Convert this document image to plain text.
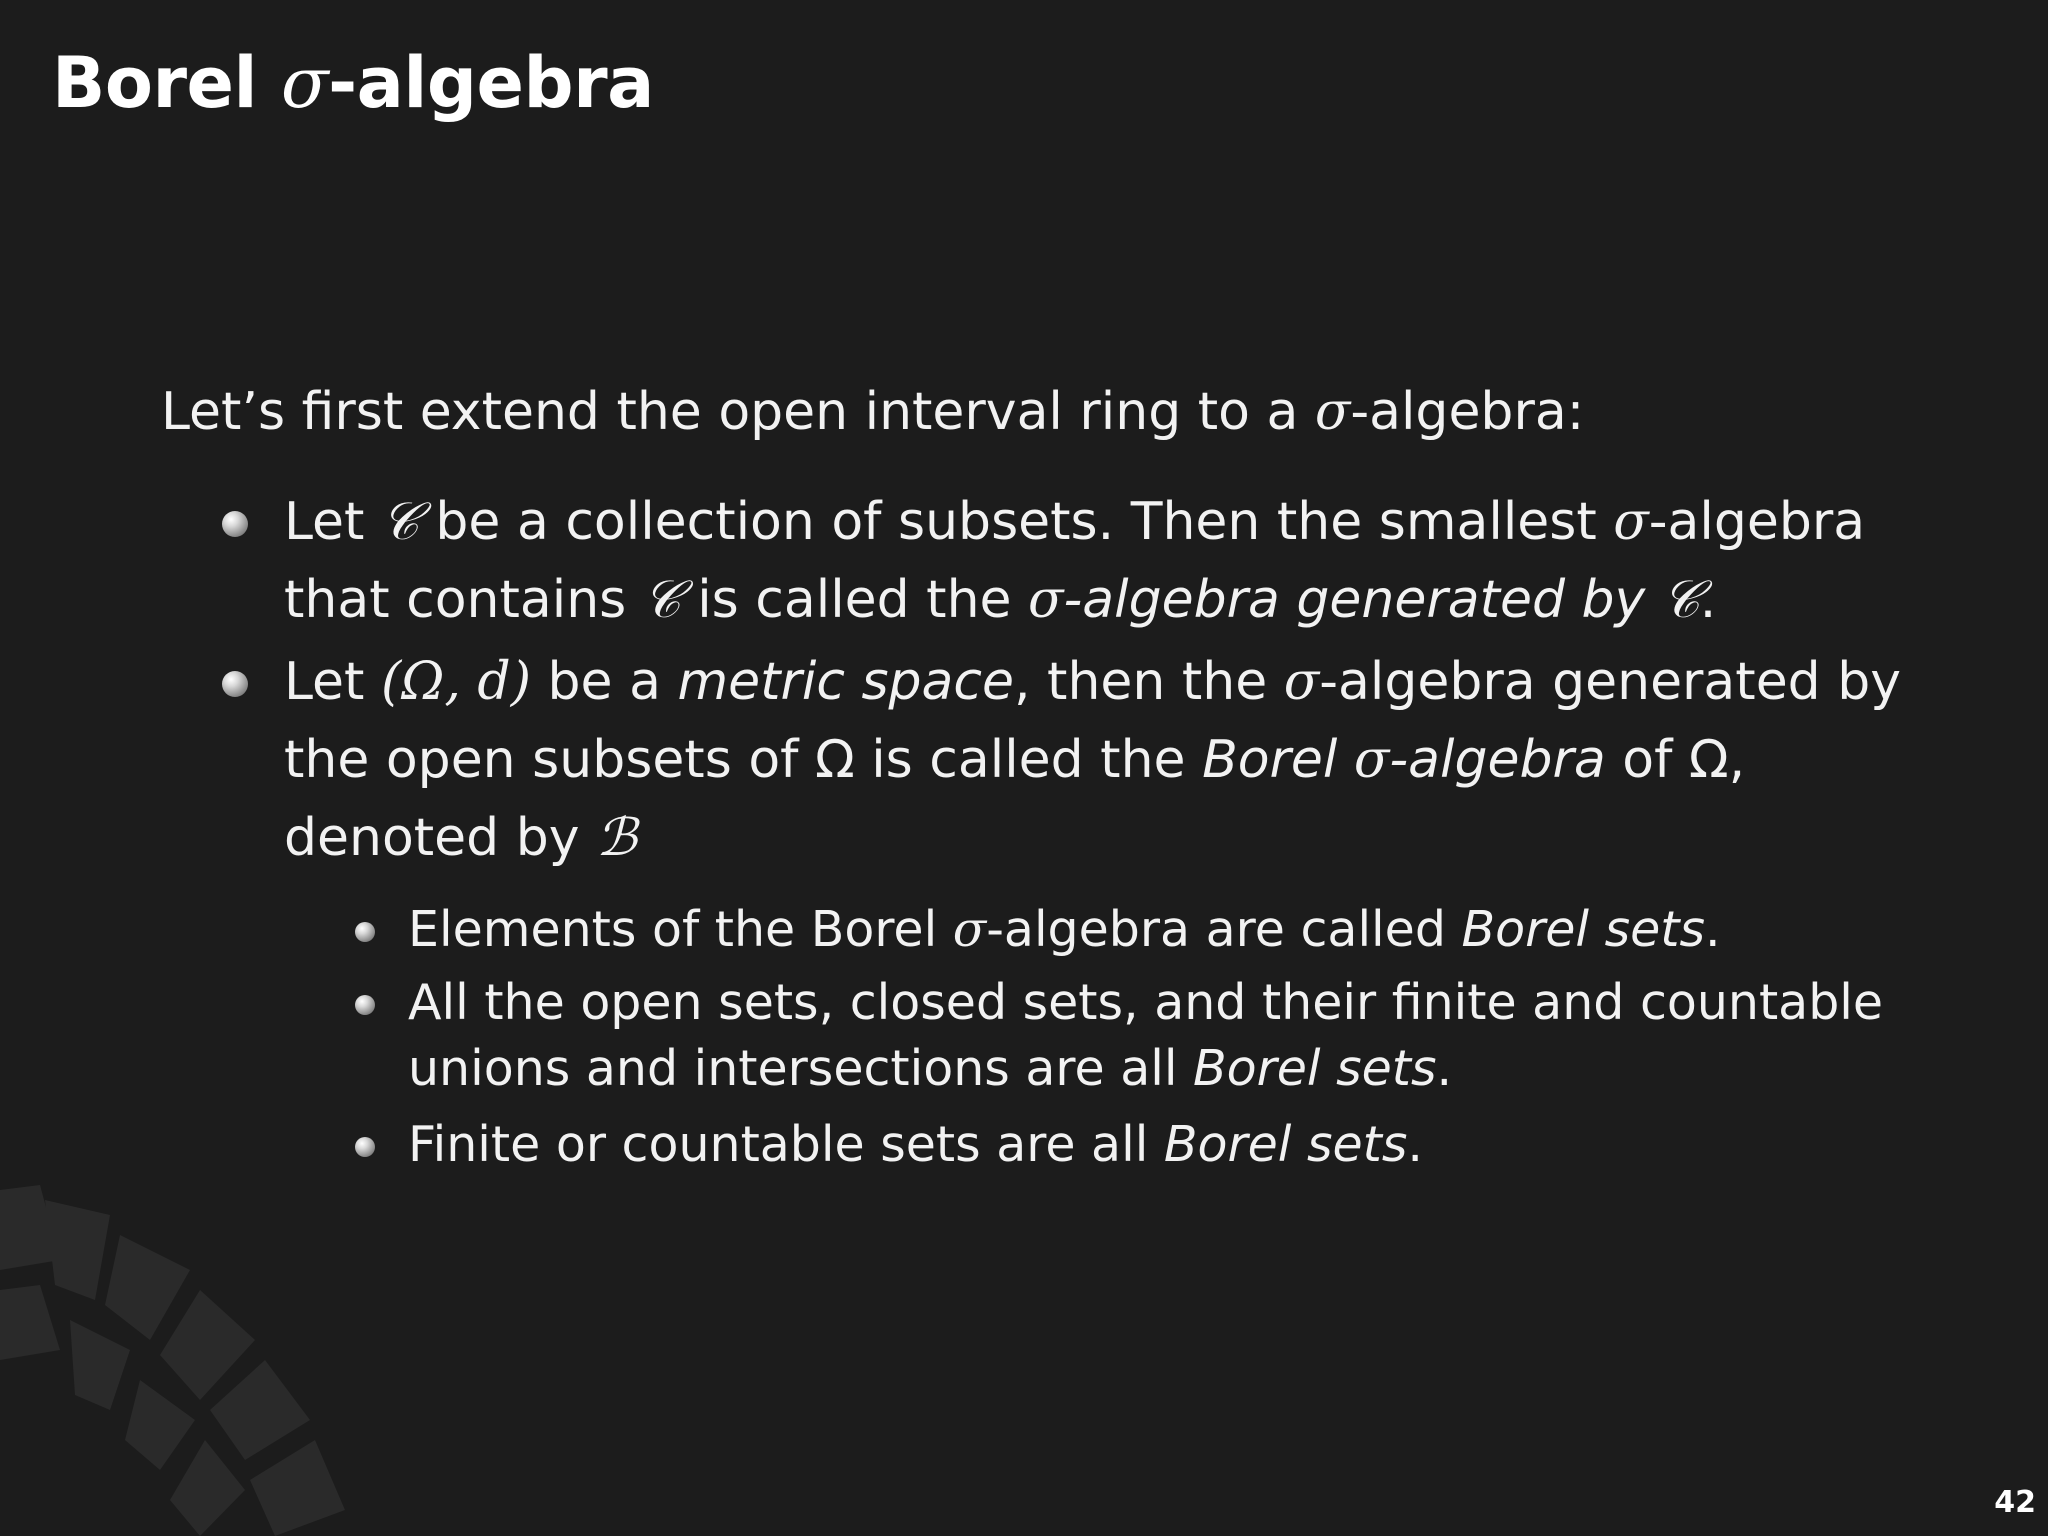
Borel σ-algebra
Let’s first extend the open interval ring to a σ-algebra:
Let 𝒞 be a collection of subsets. Then the smallest σ-algebra that contains 𝒞 is called the σ-algebra generated by 𝒞.
Let (Ω, d) be a metric space, then the σ-algebra generated by the open subsets of Ω is called the Borel σ-algebra of Ω, denoted by ℬ
Elements of the Borel σ-algebra are called Borel sets.
All the open sets, closed sets, and their finite and countable unions and intersections are all Borel sets.
Finite or countable sets are all Borel sets.
42
